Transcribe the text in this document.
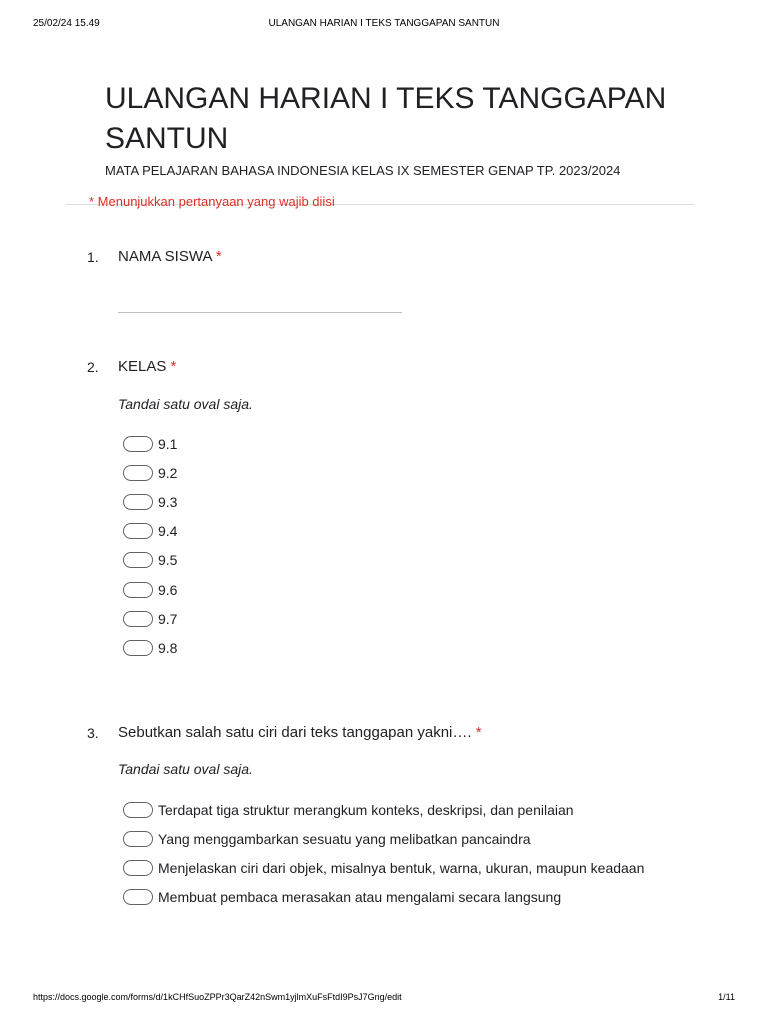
25/02/24 15.49	ULANGAN HARIAN I TEKS TANGGAPAN SANTUN
ULANGAN HARIAN I TEKS TANGGAPAN SANTUN
MATA PELAJARAN BAHASA INDONESIA KELAS IX SEMESTER GENAP TP. 2023/2024
* Menunjukkan pertanyaan yang wajib diisi
1. NAMA SISWA *
2. KELAS *
Tandai satu oval saja.
9.1
9.2
9.3
9.4
9.5
9.6
9.7
9.8
3. Sebutkan salah satu ciri dari teks tanggapan yakni…. *
Tandai satu oval saja.
Terdapat tiga struktur merangkum konteks, deskripsi, dan penilaian
Yang menggambarkan sesuatu yang melibatkan pancaindra
Menjelaskan ciri dari objek, misalnya bentuk, warna, ukuran, maupun keadaan
Membuat pembaca merasakan atau mengalami secara langsung
https://docs.google.com/forms/d/1kCHfSuoZPPr3QarZ42nSwm1yjlmXuFsFtdI9PsJ7Gng/edit	1/11
